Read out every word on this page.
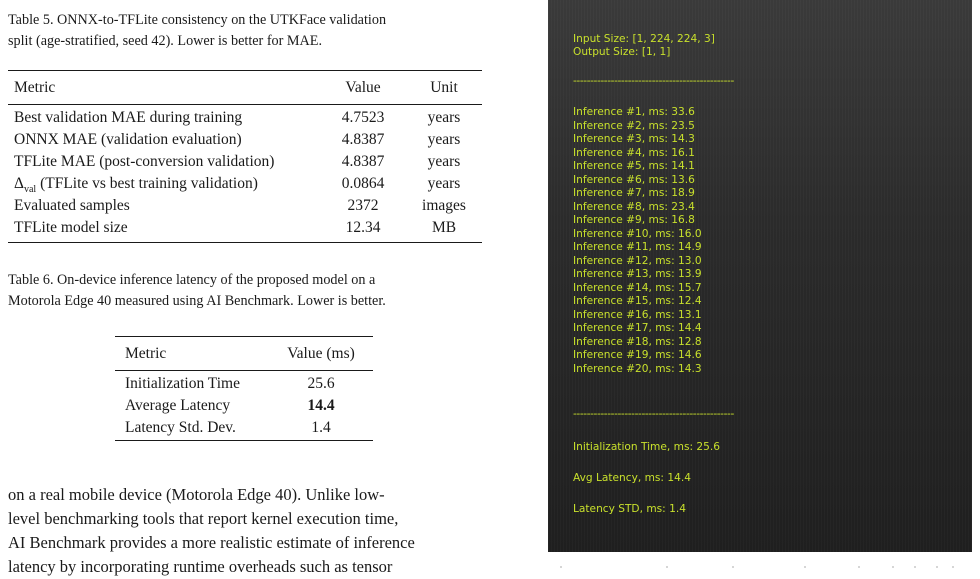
Table 5. ONNX-to-TFLite consistency on the UTKFace validation
split (age-stratified, seed 42). Lower is better for MAE.
Metric	Value	Unit
Best validation MAE during training	4.7523	years
ONNX MAE (validation evaluation)	4.8387	years
TFLite MAE (post-conversion validation)	4.8387	years
$\Delta_{val}$ (TFLite vs best training validation)	0.0864	years
Evaluated samples	2372	images
TFLite model size	12.34	MB
Table 6. On-device inference latency of the proposed model on a
Motorola Edge 40 measured using AI Benchmark. Lower is better.
Metric	Value (ms)
Initialization Time	25.6
Average Latency	14.4
Latency Std. Dev.	1.4
on a real mobile device (Motorola Edge 40). Unlike low-
level benchmarking tools that report kernel execution time,
AI Benchmark provides a more realistic estimate of inference
latency by incorporating runtime overheads such as tensor
Input Size: [1, 224, 224, 3]
Output Size: [1, 1]
-----------------------------------------------
Inference #1, ms: 33.6
Inference #2, ms: 23.5
Inference #3, ms: 14.3
Inference #4, ms: 16.1
Inference #5, ms: 14.1
Inference #6, ms: 13.6
Inference #7, ms: 18.9
Inference #8, ms: 23.4
Inference #9, ms: 16.8
Inference #10, ms: 16.0
Inference #11, ms: 14.9
Inference #12, ms: 13.0
Inference #13, ms: 13.9
Inference #14, ms: 15.7
Inference #15, ms: 12.4
Inference #16, ms: 13.1
Inference #17, ms: 14.4
Inference #18, ms: 12.8
Inference #19, ms: 14.6
Inference #20, ms: 14.3
-----------------------------------------------
Initialization Time, ms: 25.6
Avg Latency, ms: 14.4
Latency STD, ms: 1.4
